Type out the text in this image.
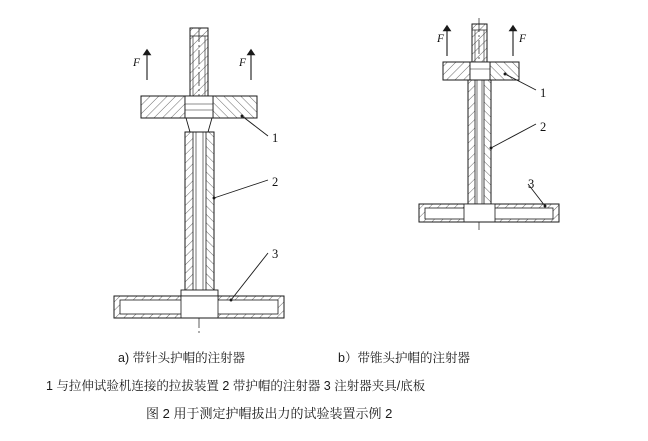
F	F
F	F
1
2
3
1
2
3
a) 带针头护帽的注射器	b）带锥头护帽的注射器
1 与拉伸试验机连接的拉拔装置 2 带护帽的注射器 3 注射器夹具/底板
图 2 用于测定护帽拔出力的试验装置示例 2
